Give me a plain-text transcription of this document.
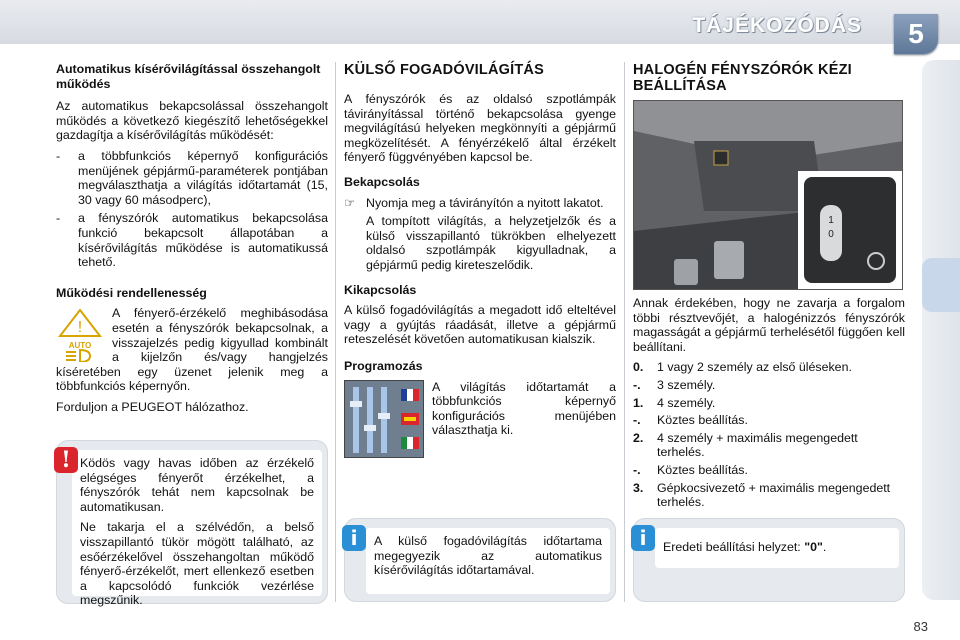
TÁJÉKOZÓDÁS	5
Automatikus kísérővilágítással összehangolt működés

Az automatikus bekapcsolással összehangolt működés a következő kiegészítő lehetőségekkel gazdagítja a kísérővilágítás működését:

-	a többfunkciós képernyő konfigurációs menüjének gépjármű-paraméterek pontjában megválaszthatja a világítás időtartamát (15, 30 vagy 60 másodperc),
-	a fényszórók automatikus bekapcsolása funkció bekapcsolt állapotában a kísérővilágítás működése is automatikussá tehető.
Működési rendellenesség
!
AUTO

A fényerő-érzékelő meghibásodása esetén a fényszórók bekapcsolnak, a visszajelzés pedig kigyullad kombinált a kijelzőn és/vagy hangjelzés kíséretében egy üzenet jelenik meg a többfunkciós képernyőn.

Forduljon a PEUGEOT hálózathoz.

Ködös vagy havas időben az érzékelő elégséges fényerőt érzékelhet, a fényszórók tehát nem kapcsolnak be automatikusan.

Ne takarja el a szélvédőn, a belső visszapillantó tükör mögött található, az esőérzékelővel összehangoltan működő fényerő-érzékelőt, mert ellenkező esetben a kapcsolódó funkciók vezérlése megszűnik.

!
KÜLSŐ FOGADÓVILÁGÍTÁS

A fényszórók és az oldalsó szpotlámpák távirányítással történő bekapcsolása gyenge megvilágítású helyeken megkönnyíti a gépjármű megközelítését. A fényérzékelő által érzékelt fényerő függvényében kapcsol be.

Bekapcsolás
☞ Nyomja meg a távirányítón a nyitott lakatot.

A tompított világítás, a helyzetjelzők és a külső visszapillantó tükrökben elhelyezett oldalsó szpotlámpák kigyulladnak, a gépjármű pedig kireteszelődik.

Kikapcsolás

A külső fogadóvilágítás a megadott idő elteltével vagy a gyújtás ráadását, illetve a gépjármű reteszelését követően automatikusan kialszik.

Programozás

A világítás időtartamát a többfunkciós képernyő konfigurációs menüjében választhatja ki.

A külső fogadóvilágítás időtartama megegyezik az automatikus kísérővilágítás időtartamával.

i
HALOGÉN FÉNYSZÓRÓK KÉZI BEÁLLÍTÁSA
1
0

Annak érdekében, hogy ne zavarja a forgalom többi résztvevőjét, a halogénizzós fényszórók magasságát a gépjármű terhelésétől függően kell beállítani.

0.	1 vagy 2 személy az első üléseken.
-.	3 személy.
1.	4 személy.
-.	Köztes beállítás.
2.	4 személy + maximális megengedett terhelés.
-.	Köztes beállítás.
3.	Gépkocsivezető + maximális megengedett terhelés.
Eredeti beállítási helyzet: "0".
i
83
